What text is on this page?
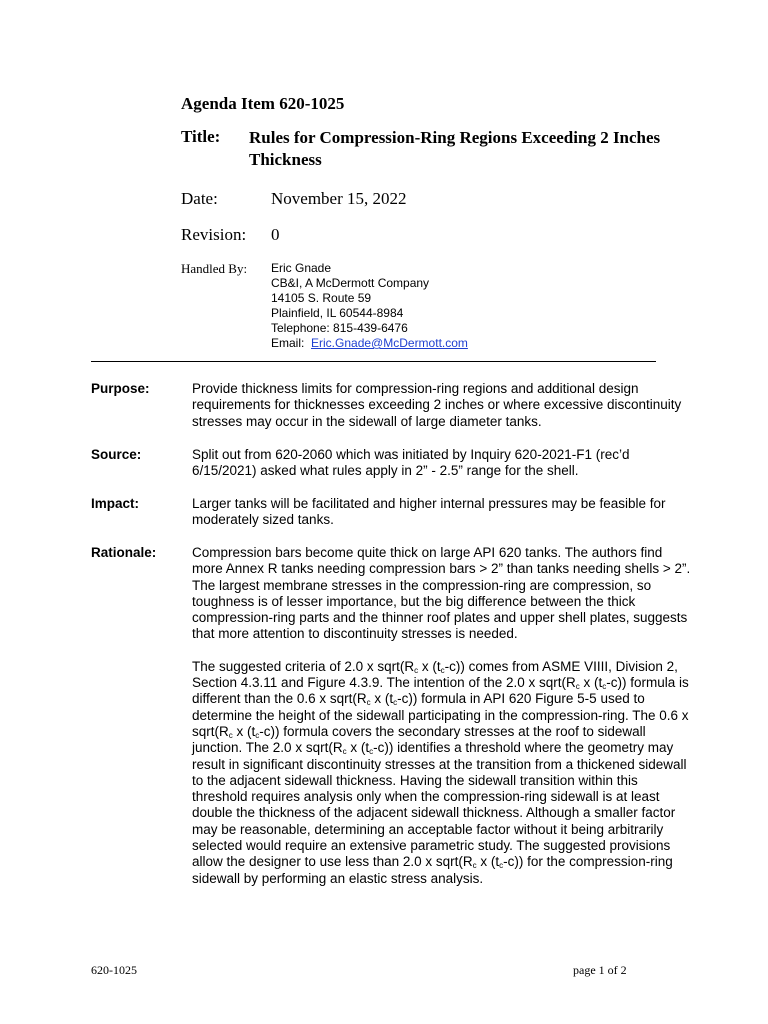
Agenda Item 620-1025
Title: Rules for Compression-Ring Regions Exceeding 2 Inches Thickness
Date:	November 15, 2022
Revision: 0
Handled By: Eric Gnade
CB&I, A McDermott Company
14105 S. Route 59
Plainfield, IL 60544-8984
Telephone: 815-439-6476
Email: Eric.Gnade@McDermott.com
Purpose:	Provide thickness limits for compression-ring regions and additional design requirements for thicknesses exceeding 2 inches or where excessive discontinuity stresses may occur in the sidewall of large diameter tanks.
Source:	Split out from 620-2060 which was initiated by Inquiry 620-2021-F1 (rec’d 6/15/2021) asked what rules apply in 2” - 2.5” range for the shell.
Impact:	Larger tanks will be facilitated and higher internal pressures may be feasible for moderately sized tanks.
Rationale:	Compression bars become quite thick on large API 620 tanks. The authors find more Annex R tanks needing compression bars > 2” than tanks needing shells > 2”. The largest membrane stresses in the compression-ring are compression, so toughness is of lesser importance, but the big difference between the thick compression-ring parts and the thinner roof plates and upper shell plates, suggests that more attention to discontinuity stresses is needed.

The suggested criteria of 2.0 x $sqrt(R_c$ x $(t_c-c)$) comes from ASME VIIII, Division 2, Section 4.3.11 and Figure 4.3.9. The intention of the 2.0 x $sqrt(R_c$ x $(t_c-c)$) formula is different than the 0.6 x $sqrt(R_c$ x $(t_c-c)$) formula in API 620 Figure 5-5 used to determine the height of the sidewall participating in the compression-ring. The 0.6 x $sqrt(R_c$ x $(t_c-c)$) formula covers the secondary stresses at the roof to sidewall junction. The 2.0 x $sqrt(R_c$ x $(t_c-c)$) identifies a threshold where the geometry may result in significant discontinuity stresses at the transition from a thickened sidewall to the adjacent sidewall thickness. Having the sidewall transition within this threshold requires analysis only when the compression-ring sidewall is at least double the thickness of the adjacent sidewall thickness. Although a smaller factor may be reasonable, determining an acceptable factor without it being arbitrarily selected would require an extensive parametric study. The suggested provisions allow the designer to use less than 2.0 x $sqrt(R_c$ x $(t_c-c)$) for the compression-ring sidewall by performing an elastic stress analysis.

620-1025	page 1 of 2
